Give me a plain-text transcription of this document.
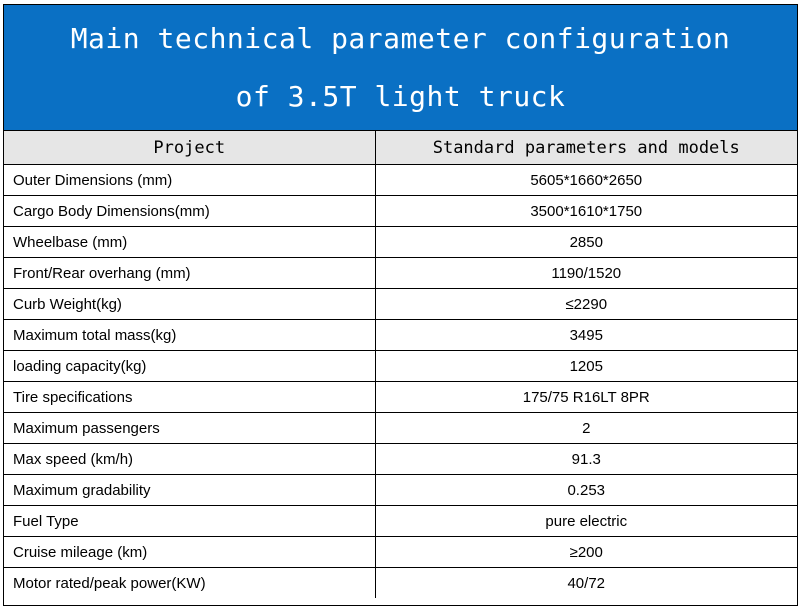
Main technical parameter configuration
of 3.5T light truck
Project	Standard parameters and models
Outer Dimensions (mm)	5605*1660*2650
Cargo Body Dimensions(mm)	3500*1610*1750
Wheelbase (mm)	2850
Front/Rear overhang (mm)	1190/1520
Curb Weight(kg)	≤2290
Maximum total mass(kg)	3495
loading capacity(kg)	1205
Tire specifications	175/75 R16LT 8PR
Maximum passengers	2
Max speed (km/h)	91.3
Maximum gradability	0.253
Fuel Type	pure electric
Cruise mileage (km)	≥200
Motor rated/peak power(KW)	40/72
